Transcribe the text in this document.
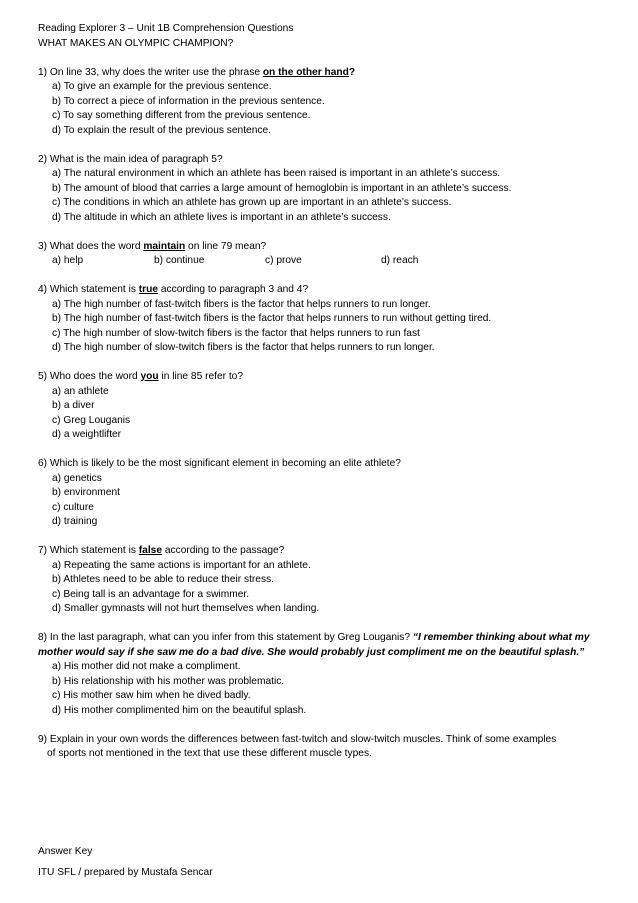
Reading Explorer 3 – Unit 1B Comprehension Questions
WHAT MAKES AN OLYMPIC CHAMPION?
1) On line 33, why does the writer use the phrase on the other hand?
a) To give an example for the previous sentence.
b) To correct a piece of information in the previous sentence.
c) To say something different from the previous sentence.
d) To explain the result of the previous sentence.
2) What is the main idea of paragraph 5?
a) The natural environment in which an athlete has been raised is important in an athlete’s success.
b) The amount of blood that carries a large amount of hemoglobin is important in an athlete’s success.
c) The conditions in which an athlete has grown up are important in an athlete’s success.
d) The altitude in which an athlete lives is important in an athlete’s success.
3) What does the word maintain on line 79 mean?
a) help	b) continue	c) prove	d) reach
4) Which statement is true according to paragraph 3 and 4?
a) The high number of fast-twitch fibers is the factor that helps runners to run longer.
b) The high number of fast-twitch fibers is the factor that helps runners to run without getting tired.
c) The high number of slow-twitch fibers is the factor that helps runners to run fast
d) The high number of slow-twitch fibers is the factor that helps runners to run longer.
5) Who does the word you in line 85 refer to?
a) an athlete
b) a diver
c) Greg Louganis
d) a weightlifter
6) Which is likely to be the most significant element in becoming an elite athlete?
a) genetics
b) environment
c) culture
d) training
7) Which statement is false according to the passage?
a) Repeating the same actions is important for an athlete.
b) Athletes need to be able to reduce their stress.
c) Being tall is an advantage for a swimmer.
d) Smaller gymnasts will not hurt themselves when landing.
8) In the last paragraph, what can you infer from this statement by Greg Louganis? “I remember thinking about what my mother would say if she saw me do a bad dive. She would probably just compliment me on the beautiful splash.”
a) His mother did not make a compliment.
b) His relationship with his mother was problematic.
c) His mother saw him when he dived badly.
d) His mother complimented him on the beautiful splash.
9) Explain in your own words the differences between fast-twitch and slow-twitch muscles. Think of some examples
of sports not mentioned in the text that use these different muscle types.
Answer Key
ITU SFL / prepared by Mustafa Sencar
